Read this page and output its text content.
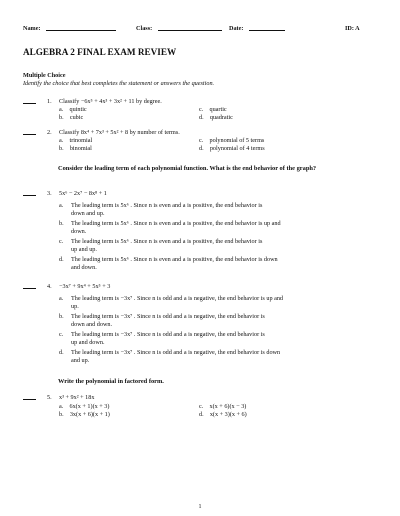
Name:	Class:	Date:	ID: A
ALGEBRA 2 FINAL EXAM REVIEW
Multiple Choice
Identify the choice that best completes the statement or answers the question.
1. Classify −6x⁵ + 4x³ + 3x² + 11 by degree.
a. quintic	c. quartic
b. cubic	d. quadratic
2. Classify 8x⁴ + 7x³ + 5x² + 8 by number of terms.
a. trinomial	c. polynomial of 5 terms
b. binomial	d. polynomial of 4 terms
Consider the leading term of each polynomial function. What is the end behavior of the graph?
3. 5x⁶ − 2x⁷ − 8x⁸ + 1
a. The leading term is 5x⁶ . Since n is even and a is positive, the end behavior is
down and up.
b. The leading term is 5x⁶ . Since n is even and a is positive, the end behavior is up and
down.
c. The leading term is 5x⁶ . Since n is even and a is positive, the end behavior is
up and up.
d. The leading term is 5x⁶ . Since n is even and a is positive, the end behavior is down
and down.
4. −3x⁷ + 9x⁴ + 5x⁵ + 3
a. The leading term is −3x⁷ . Since n is odd and a is negative, the end behavior is up and
up.
b. The leading term is −3x⁷ . Since n is odd and a is negative, the end behavior is
down and down.
c. The leading term is −3x⁷ . Since n is odd and a is negative, the end behavior is
up and down.
d. The leading term is −3x⁷ . Since n is odd and a is negative, the end behavior is down
and up.
Write the polynomial in factored form.
5. x³ + 9x² + 18x
a. 6x(x + 1)(x + 3)	c. x(x + 6)(x − 3)
b. 3x(x + 6)(x + 1)	d. x(x + 3)(x + 6)
1
